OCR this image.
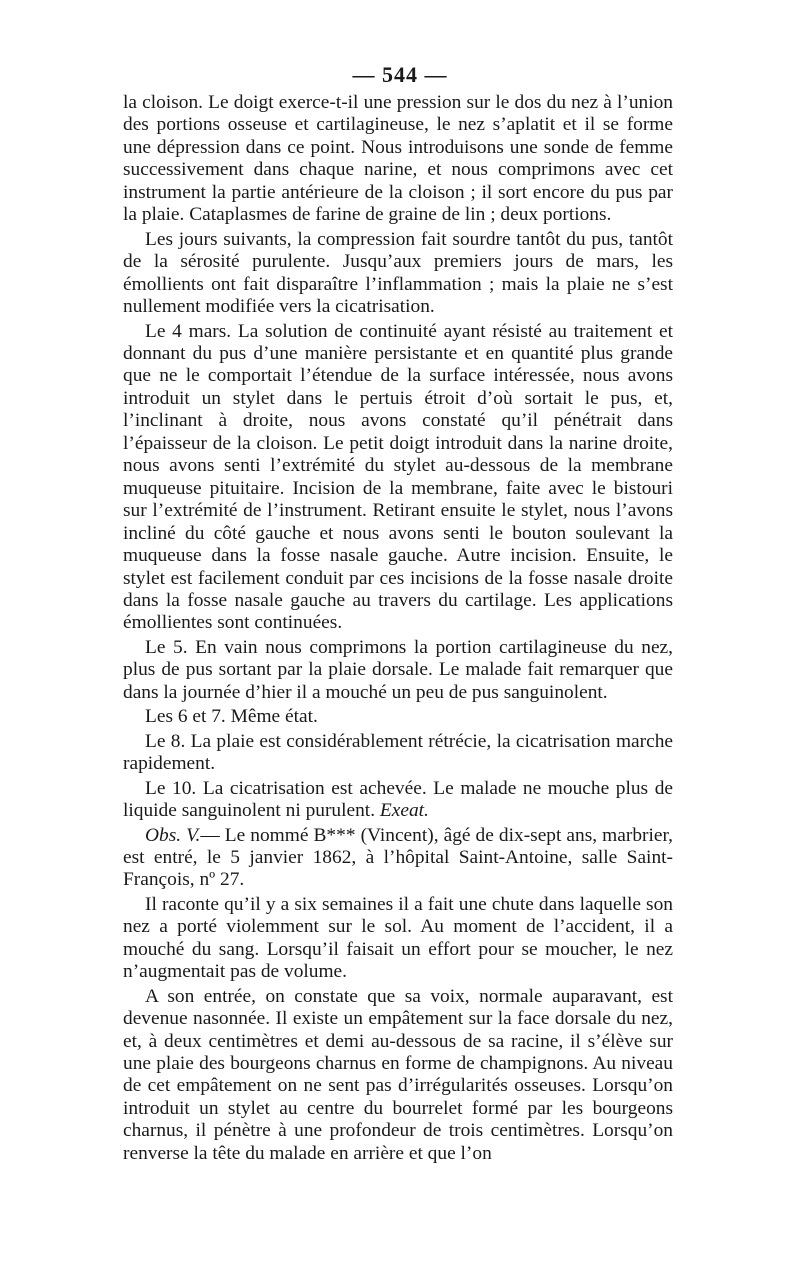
— 544 —

la cloison. Le doigt exerce-t-il une pression sur le dos du nez à l’union des portions osseuse et cartilagineuse, le nez s’aplatit et il se forme une dépression dans ce point. Nous introduisons une sonde de femme successivement dans chaque narine, et nous comprimons avec cet instrument la partie antérieure de la cloison ; il sort encore du pus par la plaie. Cataplasmes de farine de graine de lin ; deux portions.

Les jours suivants, la compression fait sourdre tantôt du pus, tantôt de la sérosité purulente. Jusqu’aux premiers jours de mars, les émollients ont fait disparaître l’inflammation ; mais la plaie ne s’est nullement modifiée vers la cicatrisation.

Le 4 mars. La solution de continuité ayant résisté au traitement et donnant du pus d’une manière persistante et en quantité plus grande que ne le comportait l’étendue de la surface intéressée, nous avons introduit un stylet dans le pertuis étroit d’où sortait le pus, et, l’inclinant à droite, nous avons constaté qu’il pénétrait dans l’épaisseur de la cloison. Le petit doigt introduit dans la narine droite, nous avons senti l’extrémité du stylet au-dessous de la membrane muqueuse pituitaire. Incision de la membrane, faite avec le bistouri sur l’extrémité de l’instrument. Retirant ensuite le stylet, nous l’avons incliné du côté gauche et nous avons senti le bouton soulevant la muqueuse dans la fosse nasale gauche. Autre incision. Ensuite, le stylet est facilement conduit par ces incisions de la fosse nasale droite dans la fosse nasale gauche au travers du cartilage. Les applications émollientes sont continuées.

Le 5. En vain nous comprimons la portion cartilagineuse du nez, plus de pus sortant par la plaie dorsale. Le malade fait remarquer que dans la journée d’hier il a mouché un peu de pus sanguinolent.

Les 6 et 7. Même état.

Le 8. La plaie est considérablement rétrécie, la cicatrisation marche rapidement.

Le 10. La cicatrisation est achevée. Le malade ne mouche plus de liquide sanguinolent ni purulent. Exeat.

Obs. V.— Le nommé B*** (Vincent), âgé de dix-sept ans, marbrier, est entré, le 5 janvier 1862, à l’hôpital Saint-Antoine, salle Saint-François, nº 27.

Il raconte qu’il y a six semaines il a fait une chute dans laquelle son nez a porté violemment sur le sol. Au moment de l’accident, il a mouché du sang. Lorsqu’il faisait un effort pour se moucher, le nez n’augmentait pas de volume.

A son entrée, on constate que sa voix, normale auparavant, est devenue nasonnée. Il existe un empâtement sur la face dorsale du nez, et, à deux centimètres et demi au-dessous de sa racine, il s’élève sur une plaie des bourgeons charnus en forme de champignons. Au niveau de cet empâtement on ne sent pas d’irrégularités osseuses. Lorsqu’on introduit un stylet au centre du bourrelet formé par les bourgeons charnus, il pénètre à une profondeur de trois centimètres. Lorsqu’on renverse la tête du malade en arrière et que l’on
